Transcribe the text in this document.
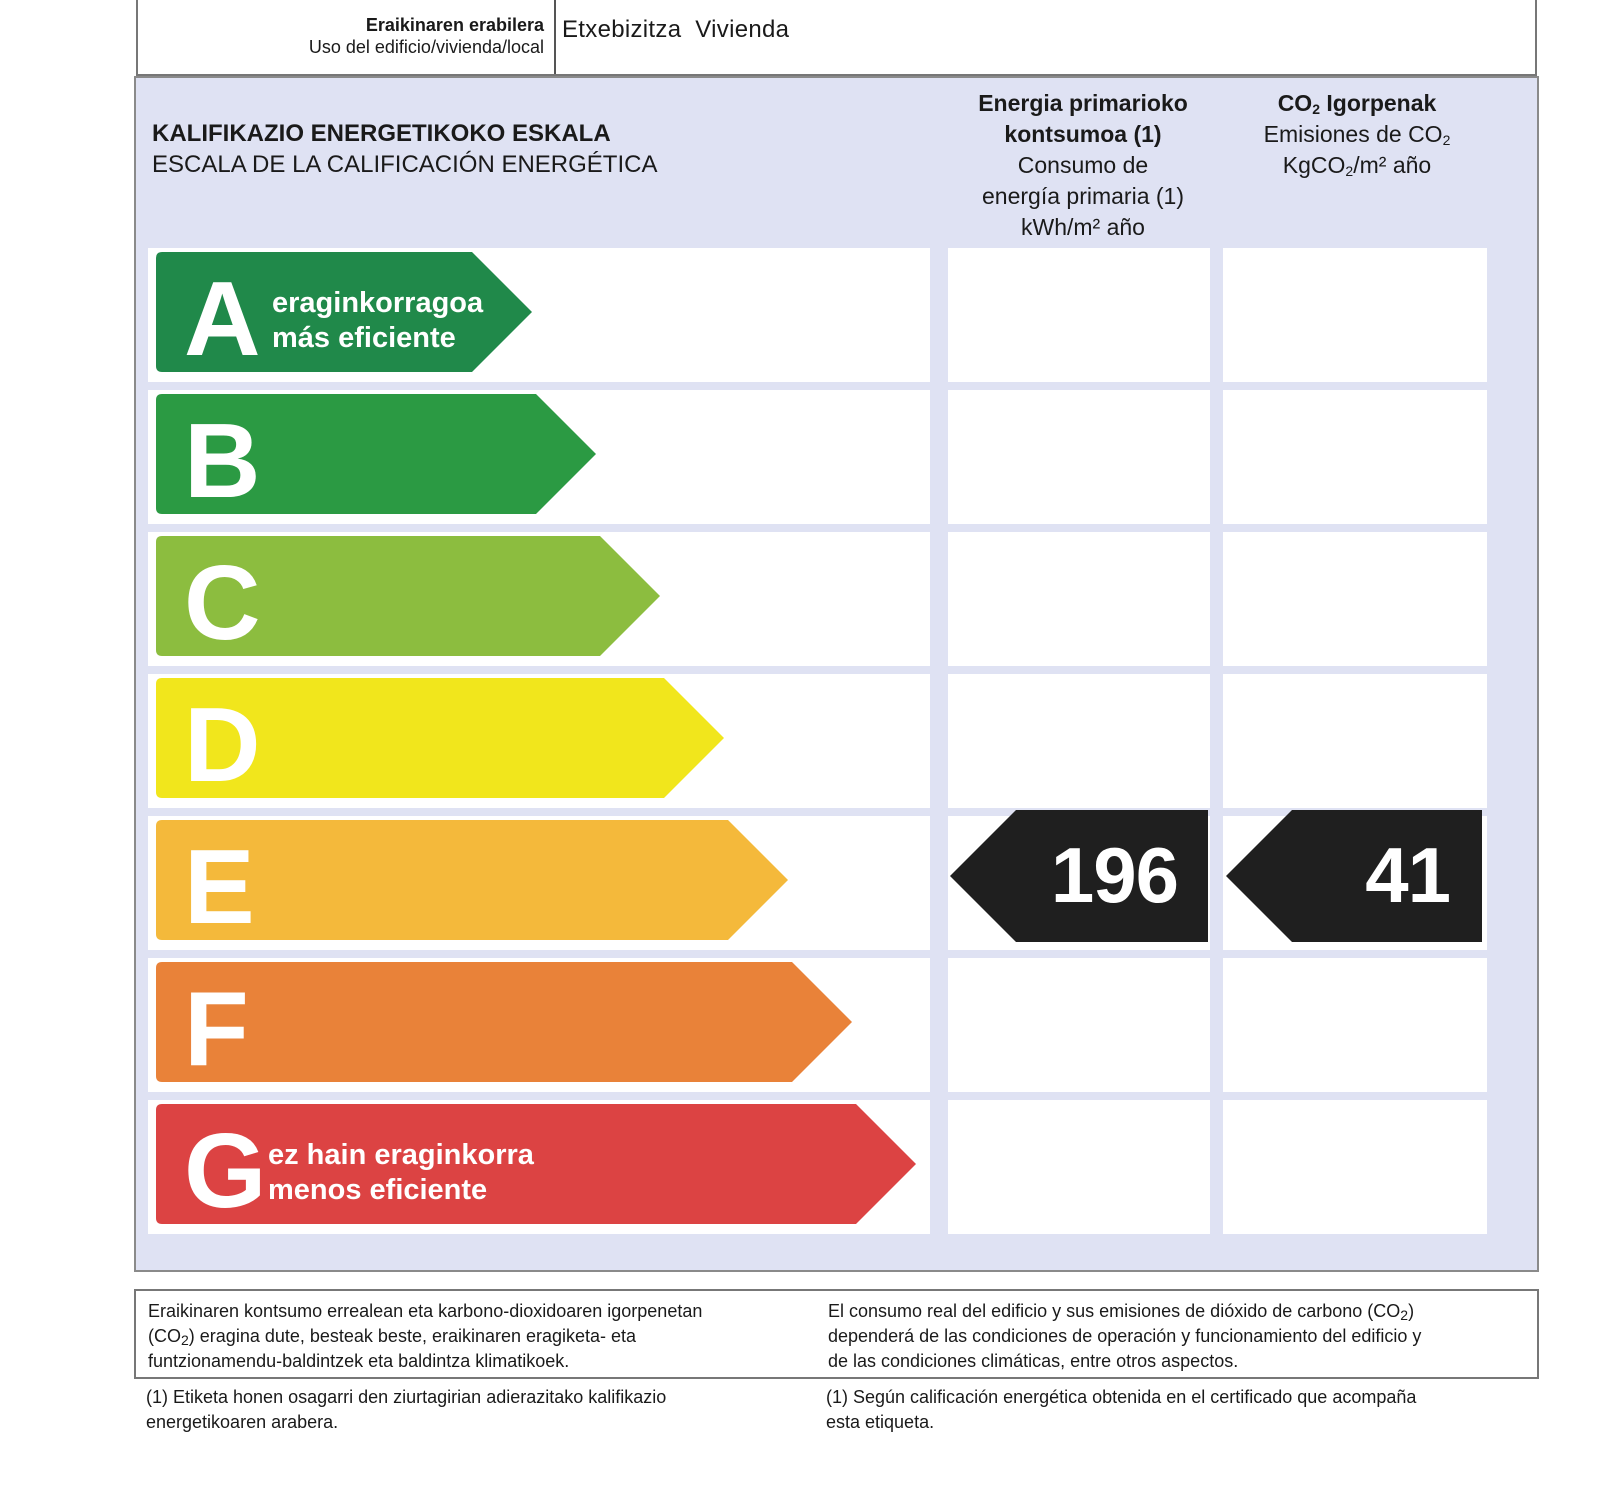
Eraikinaren erabilera
Uso del edificio/vivienda/local
Etxebizitza  Vivienda
KALIFIKAZIO ENERGETIKOKO ESKALA
ESCALA DE LA CALIFICACIÓN ENERGÉTICA
Energia primarioko
kontsumoa (1)
Consumo de
energía primaria (1)
kWh/m² año
$CO_2$ Igorpenak
Emisiones de $CO_2$
KgCO$_2$/m² año
A eraginkorragoa
más eficiente
B
C
D
E
F
G ez hain eraginkorra
menos eficiente
196 41
Eraikinaren kontsumo errealean eta karbono-dioxidoaren igorpenetan
$(CO_2)$ eragina dute, besteak beste, eraikinaren eragiketa- eta
funtzionamendu-baldintzek eta baldintza klimatikoek.
El consumo real del edificio y sus emisiones de dióxido de carbono $(CO_2)$
dependerá de las condiciones de operación y funcionamiento del edificio y
de las condiciones climáticas, entre otros aspectos.
(1) Etiketa honen osagarri den ziurtagirian adierazitako kalifikazio
energetikoaren arabera.
(1) Según calificación energética obtenida en el certificado que acompaña
esta etiqueta.
